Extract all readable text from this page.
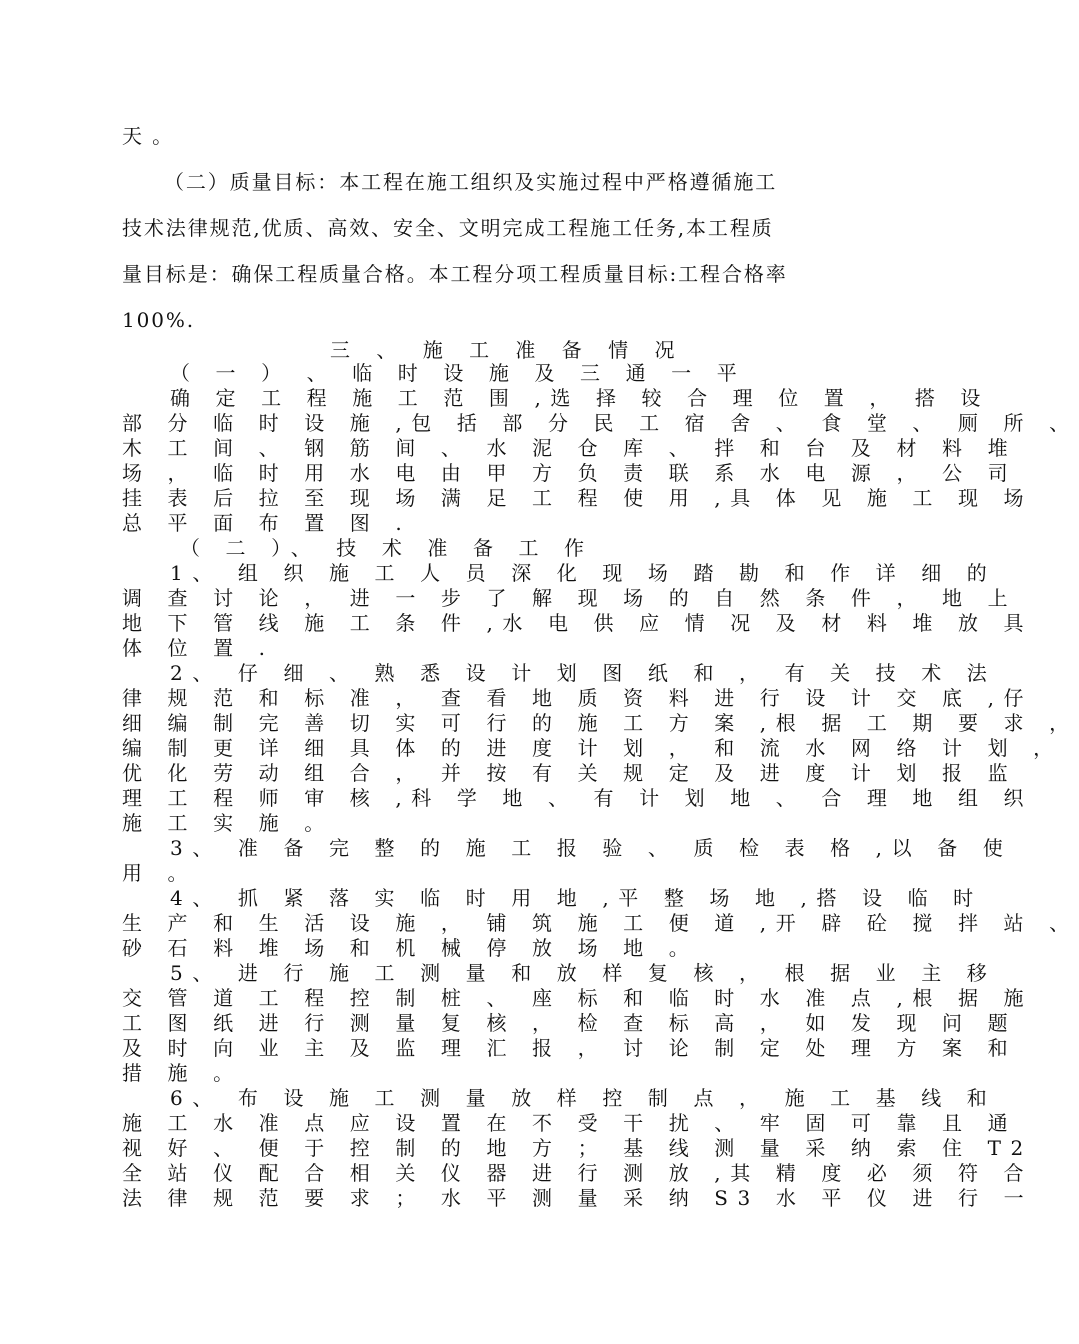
天 。
（二）质量目标：本工程在施工组织及实施过程中严格遵循施工
技术法律规范,优质、高效、安全、文明完成工程施工任务,本工程质
量目标是：确保工程质量合格。本工程分项工程质量目标:工程合格率
100%.
三 、 施 工 准 备 情 况
（ 一 ） 、 临 时 设 施 及 三 通 一 平
确 定 工 程 施 工 范 围 ,选 择 较 合 理 位 置 ， 搭 设
部 分 临 时 设 施 ,包 括 部 分 民 工 宿 舍 、 食 堂 、 厕 所 、
木 工 间 、 钢 筋 间 、 水 泥 仓 库 、 拌 和 台 及 材 料 堆
场 ， 临 时 用 水 电 由 甲 方 负 责 联 系 水 电 源 ， 公 司
挂 表 后 拉 至 现 场 满 足 工 程 使 用 ,具 体 见 施 工 现 场
总 平 面 布 置 图 .
（ 二 ）、 技 术 准 备 工 作
1、 组 织 施 工 人 员 深 化 现 场 踏 勘 和 作 详 细 的
调 查 讨 论 ， 进 一 步 了 解 现 场 的 自 然 条 件 ， 地 上
地 下 管 线 施 工 条 件 ,水 电 供 应 情 况 及 材 料 堆 放 具
体 位 置 .
2、 仔 细 、 熟 悉 设 计 划 图 纸 和 ， 有 关 技 术 法
律 规 范 和 标 准 ， 查 看 地 质 资 料 进 行 设 计 交 底 ,仔
细 编 制 完 善 切 实 可 行 的 施 工 方 案 ,根 据 工 期 要 求 ，
编 制 更 详 细 具 体 的 进 度 计 划 ， 和 流 水 网 络 计 划 ，
优 化 劳 动 组 合 ， 并 按 有 关 规 定 及 进 度 计 划 报 监
理 工 程 师 审 核 ,科 学 地 、 有 计 划 地 、 合 理 地 组 织
施 工 实 施 。
3、 准 备 完 整 的 施 工 报 验 、 质 检 表 格 ,以 备 使
用 。
4、 抓 紧 落 实 临 时 用 地 ,平 整 场 地 ,搭 设 临 时
生 产 和 生 活 设 施 ， 铺 筑 施 工 便 道 ,开 辟 砼 搅 拌 站 、
砂 石 料 堆 场 和 机 械 停 放 场 地 。
5、 进 行 施 工 测 量 和 放 样 复 核 ， 根 据 业 主 移
交 管 道 工 程 控 制 桩 、 座 标 和 临 时 水 准 点 ,根 据 施
工 图 纸 进 行 测 量 复 核 ， 检 查 标 高 ， 如 发 现 问 题
及 时 向 业 主 及 监 理 汇 报 ， 讨 论 制 定 处 理 方 案 和
措 施 。
6、 布 设 施 工 测 量 放 样 控 制 点 ， 施 工 基 线 和
施 工 水 准 点 应 设 置 在 不 受 干 扰 、 牢 固 可 靠 且 通
视 好 、 便 于 控 制 的 地 方 ； 基 线 测 量 采 纳 索 住 T2
全 站 仪 配 合 相 关 仪 器 进 行 测 放 ,其 精 度 必 须 符 合
法 律 规 范 要 求 ； 水 平 测 量 采 纳 S3 水 平 仪 进 行 一
